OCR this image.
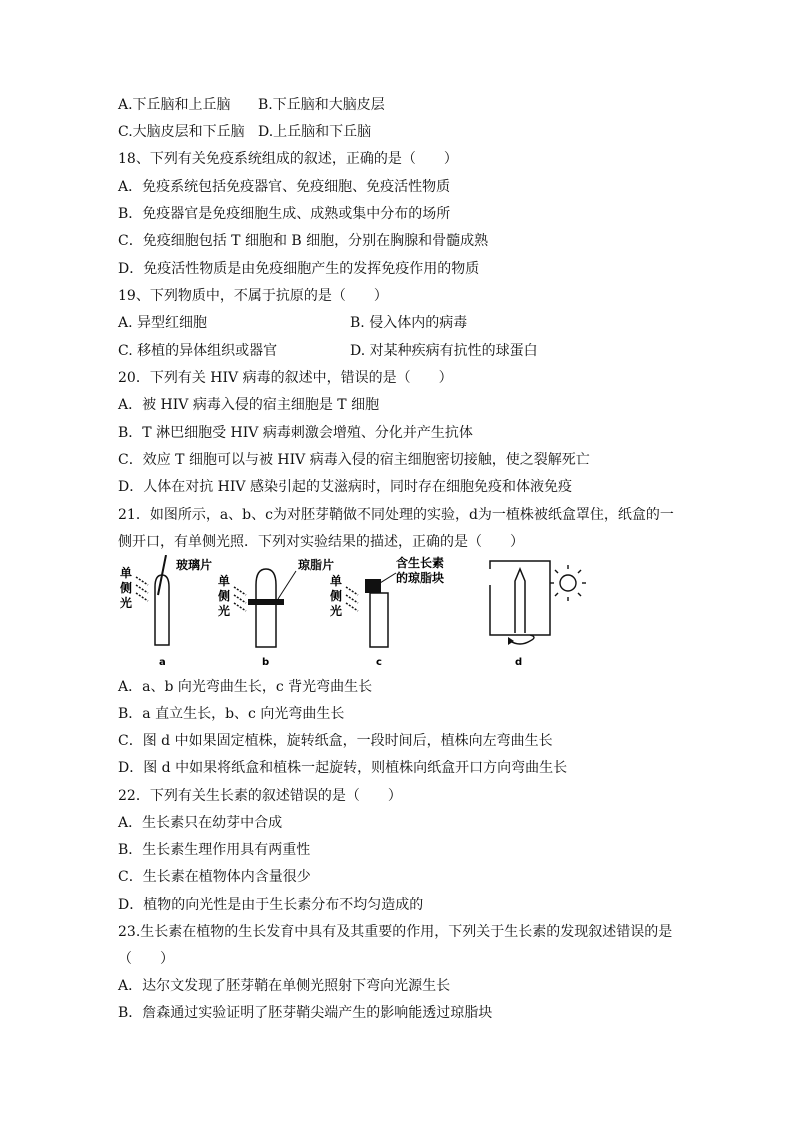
A.下丘脑和上丘脑 B.下丘脑和大脑皮层
C.大脑皮层和下丘脑 D.上丘脑和下丘脑
18、下列有关免疫系统组成的叙述，正确的是（　　）
A．免疫系统包括免疫器官、免疫细胞、免疫活性物质
B．免疫器官是免疫细胞生成、成熟或集中分布的场所
C．免疫细胞包括 T 细胞和 B 细胞，分别在胸腺和骨髓成熟
D．免疫活性物质是由免疫细胞产生的发挥免疫作用的物质
19、下列物质中，不属于抗原的是（　　）
A. 异型红细胞	B. 侵入体内的病毒
C. 移植的异体组织或器官	D. 对某种疾病有抗性的球蛋白
20．下列有关 HIV 病毒的叙述中，错误的是（　　）
A．被 HIV 病毒入侵的宿主细胞是 T 细胞
B．T 淋巴细胞受 HIV 病毒刺激会增殖、分化并产生抗体
C．效应 T 细胞可以与被 HIV 病毒入侵的宿主细胞密切接触，使之裂解死亡
D．人体在对抗 HIV 感染引起的艾滋病时，同时存在细胞免疫和体液免疫
21．如图所示，a、b、c为对胚芽鞘做不同处理的实验，d为一植株被纸盒罩住，纸盒的一
侧开口，有单侧光照．下列对实验结果的描述，正确的是（　　）
单
侧
光
玻璃片
a
单
侧
光
琼脂片
b
单
侧
光
含生长素
的琼脂块
c	d
A．a、b 向光弯曲生长，c 背光弯曲生长
B．a 直立生长，b、c 向光弯曲生长
C．图 d 中如果固定植株，旋转纸盒，一段时间后，植株向左弯曲生长
D．图 d 中如果将纸盒和植株一起旋转，则植株向纸盒开口方向弯曲生长
22．下列有关生长素的叙述错误的是（　　）
A．生长素只在幼芽中合成
B．生长素生理作用具有两重性
C．生长素在植物体内含量很少
D．植物的向光性是由于生长素分布不均匀造成的
23.生长素在植物的生长发育中具有及其重要的作用，下列关于生长素的发现叙述错误的是
（　　）
A．达尔文发现了胚芽鞘在单侧光照射下弯向光源生长
B．詹森通过实验证明了胚芽鞘尖端产生的影响能透过琼脂块
